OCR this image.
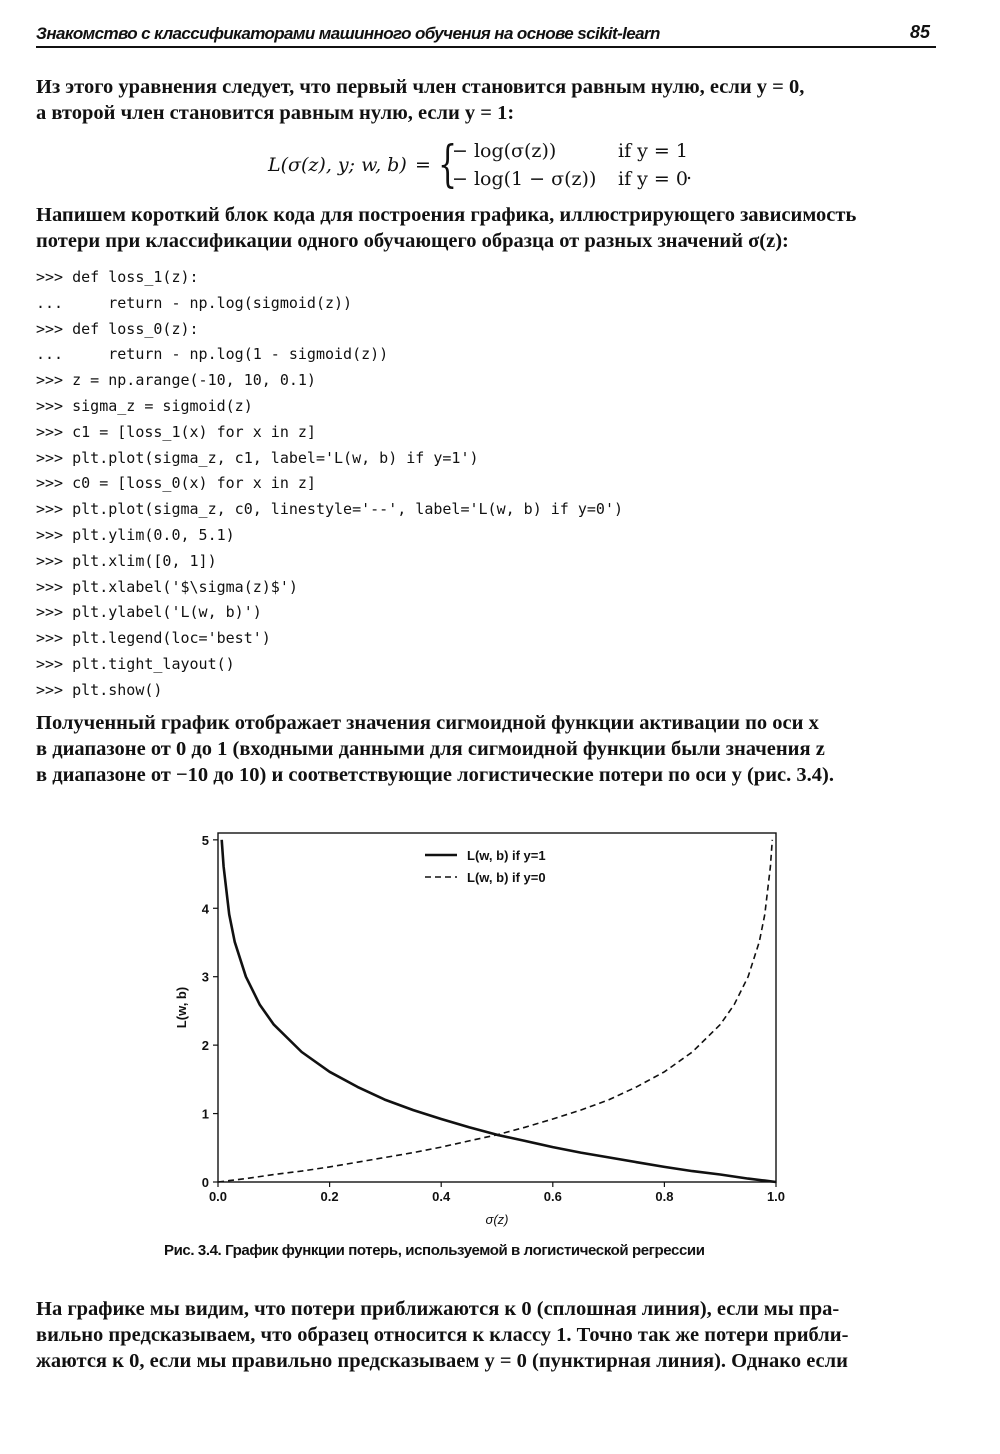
Знакомство с классификаторами машинного обучения на основе scikit-learn	85
Из этого уравнения следует, что первый член становится равным нулю, если y = 0,
а второй член становится равным нулю, если y = 1:
L(σ(z), y; w, b) = {
− log(σ(z))	if y = 1
− log(1 − σ(z)) if y = 0
.
Напишем короткий блок кода для построения графика, иллюстрирующего зависимость
потери при классификации одного обучающего образца от разных значений σ(z):
>>> def loss_1(z):
...     return - np.log(sigmoid(z))
>>> def loss_0(z):
...     return - np.log(1 - sigmoid(z))
>>> z = np.arange(-10, 10, 0.1)
>>> sigma_z = sigmoid(z)
>>> c1 = [loss_1(x) for x in z]
>>> plt.plot(sigma_z, c1, label='L(w, b) if y=1')
>>> c0 = [loss_0(x) for x in z]
>>> plt.plot(sigma_z, c0, linestyle='--', label='L(w, b) if y=0')
>>> plt.ylim(0.0, 5.1)
>>> plt.xlim([0, 1])
>>> plt.xlabel('$\sigma(z)$')
>>> plt.ylabel('L(w, b)')
>>> plt.legend(loc='best')
>>> plt.tight_layout()
>>> plt.show()
Полученный график отображает значения сигмоидной функции активации по оси x
в диапазоне от 0 до 1 (входными данными для сигмоидной функции были значения z
в диапазоне от −10 до 10) и соответствующие логистические потери по оси y (рис. 3.4).
0.0	0.2	0.4	0.6	0.8	1.0
0
1
2
3
4
5
σ(z)
L(w, b)
L(w, b) if y=1
L(w, b) if y=0
Рис. 3.4. График функции потерь, используемой в логистической регрессии
На графике мы видим, что потери приближаются к 0 (сплошная линия), если мы пра-
вильно предсказываем, что образец относится к классу 1. Точно так же потери прибли-
жаются к 0, если мы правильно предсказываем y = 0 (пунктирная линия). Однако если
